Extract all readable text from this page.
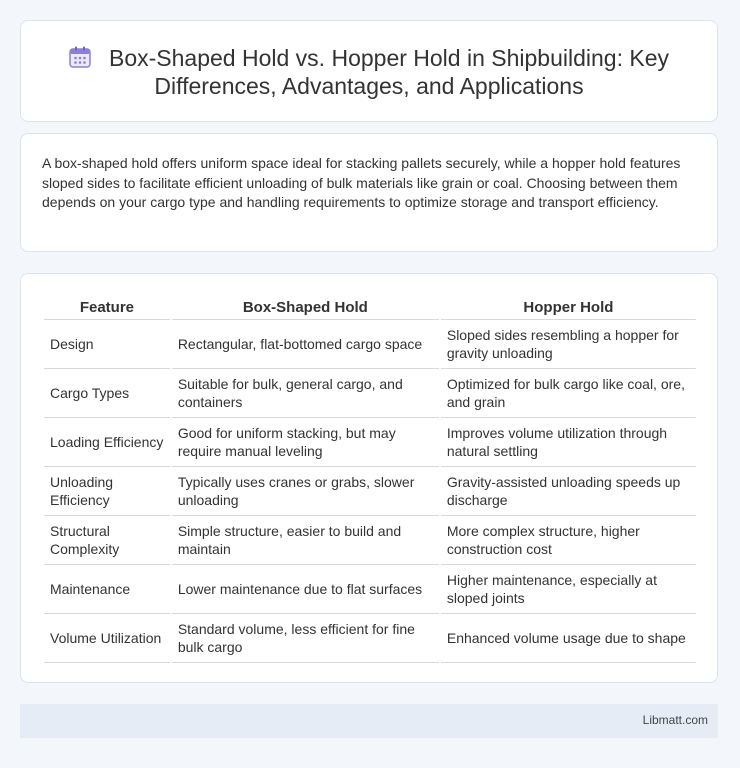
Box-Shaped Hold vs. Hopper Hold in Shipbuilding: Key Differences, Advantages, and Applications
A box-shaped hold offers uniform space ideal for stacking pallets securely, while a hopper hold features sloped sides to facilitate efficient unloading of bulk materials like grain or coal. Choosing between them depends on your cargo type and handling requirements to optimize storage and transport efficiency.
Feature	Box-Shaped Hold	Hopper Hold
Design	Rectangular, flat-bottomed cargo space	Sloped sides resembling a hopper for gravity unloading
Cargo Types	Suitable for bulk, general cargo, and containers	Optimized for bulk cargo like coal, ore, and grain
Loading Efficiency	Good for uniform stacking, but may require manual leveling	Improves volume utilization through natural settling
Unloading Efficiency	Typically uses cranes or grabs, slower unloading	Gravity-assisted unloading speeds up discharge
Structural Complexity	Simple structure, easier to build and maintain	More complex structure, higher construction cost
Maintenance	Lower maintenance due to flat surfaces	Higher maintenance, especially at sloped joints
Volume Utilization	Standard volume, less efficient for fine bulk cargo	Enhanced volume usage due to shape
Libmatt.com
